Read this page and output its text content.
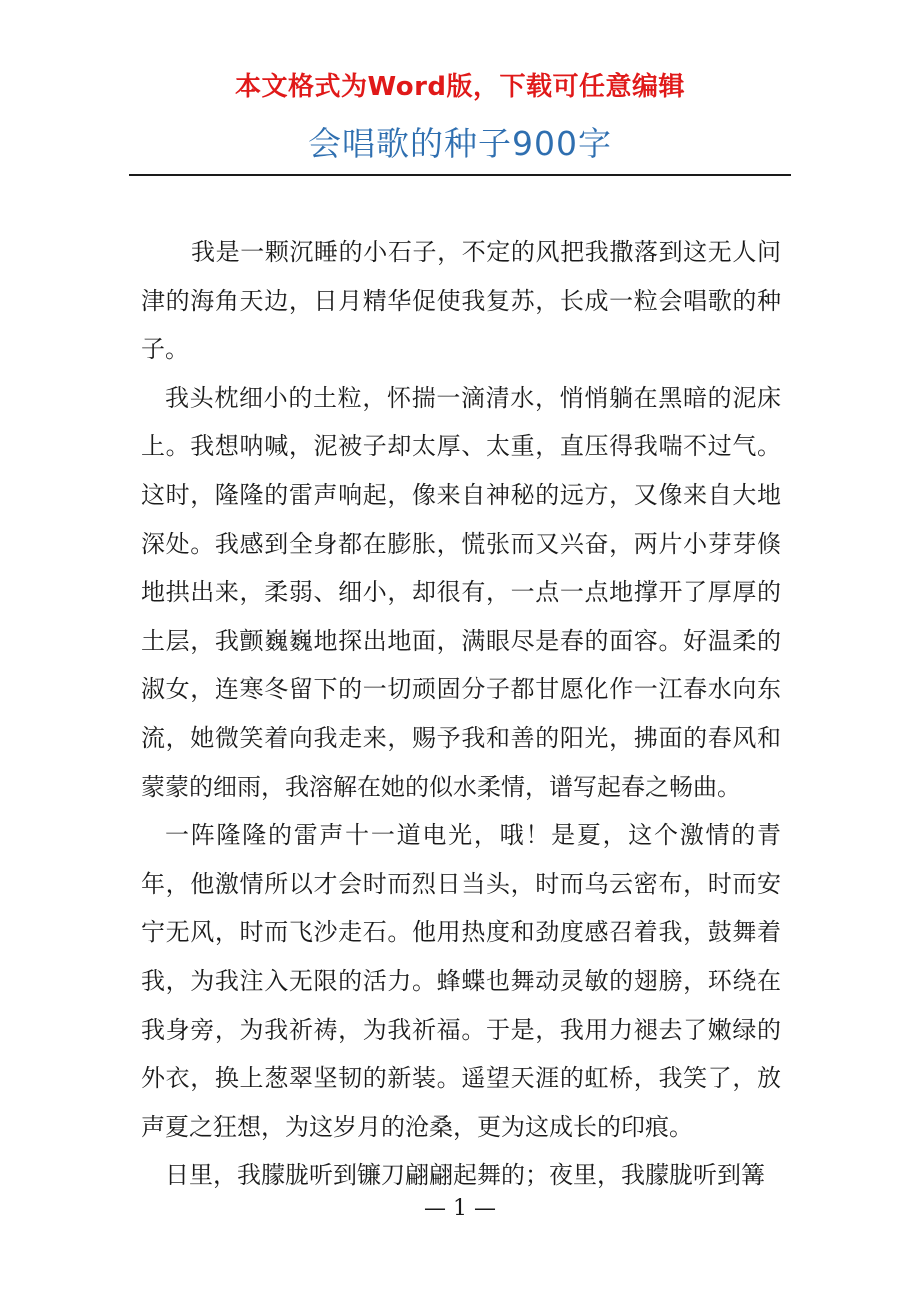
本文格式为Word版，下载可任意编辑
会唱歌的种子900字

我是一颗沉睡的小石子，不定的风把我撒落到这无人问津的海角天边，日月精华促使我复苏，长成一粒会唱歌的种子。

我头枕细小的土粒，怀揣一滴清水，悄悄躺在黑暗的泥床上。我想呐喊，泥被子却太厚、太重，直压得我喘不过气。这时，隆隆的雷声响起，像来自神秘的远方，又像来自大地深处。我感到全身都在膨胀，慌张而又兴奋，两片小芽芽倏地拱出来，柔弱、细小，却很有，一点一点地撑开了厚厚的土层，我颤巍巍地探出地面，满眼尽是春的面容。好温柔的淑女，连寒冬留下的一切顽固分子都甘愿化作一江春水向东流，她微笑着向我走来，赐予我和善的阳光，拂面的春风和蒙蒙的细雨，我溶解在她的似水柔情，谱写起春之畅曲。

一阵隆隆的雷声十一道电光，哦！是夏，这个激情的青年，他激情所以才会时而烈日当头，时而乌云密布，时而安宁无风，时而飞沙走石。他用热度和劲度感召着我，鼓舞着我，为我注入无限的活力。蜂蝶也舞动灵敏的翅膀，环绕在我身旁，为我祈祷，为我祈福。于是，我用力褪去了嫩绿的外衣，换上葱翠坚韧的新装。遥望天涯的虹桥，我笑了，放声夏之狂想，为这岁月的沧桑，更为这成长的印痕。

日里，我朦胧听到镰刀翩翩起舞的；夜里，我朦胧听到篝

— 1 —
